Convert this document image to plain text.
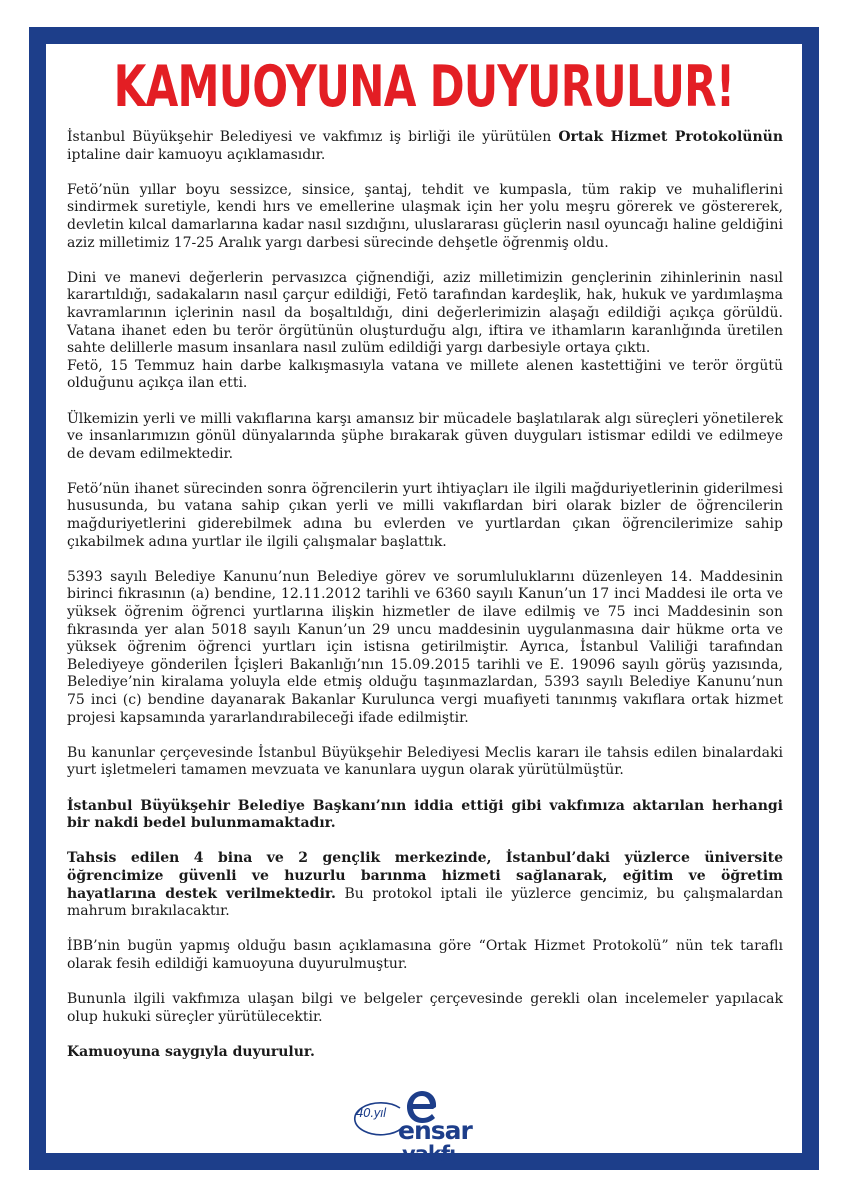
KAMUOYUNA DUYURULUR!

İstanbul Büyükşehir Belediyesi ve vakfımız iş birliği ile yürütülen Ortak Hizmet Protokolünün iptaline dair kamuoyu açıklamasıdır.

Fetö’nün yıllar boyu sessizce, sinsice, şantaj, tehdit ve kumpasla, tüm rakip ve muhaliflerini sindirmek suretiyle, kendi hırs ve emellerine ulaşmak için her yolu meşru görerek ve göstererek, devletin kılcal damarlarına kadar nasıl sızdığını, uluslararası güçlerin nasıl oyuncağı haline geldiğini aziz milletimiz 17-25 Aralık yargı darbesi sürecinde dehşetle öğrenmiş oldu.

Dini ve manevi değerlerin pervasızca çiğnendiği, aziz milletimizin gençlerinin zihinlerinin nasıl karartıldığı, sadakaların nasıl çarçur edildiği, Fetö tarafından kardeşlik, hak, hukuk ve yardımlaşma kavramlarının içlerinin nasıl da boşaltıldığı, dini değerlerimizin alaşağı edildiği açıkça görüldü. Vatana ihanet eden bu terör örgütünün oluşturduğu algı, iftira ve ithamların karanlığında üretilen sahte delillerle masum insanlara nasıl zulüm edildiği yargı darbesiyle ortaya çıktı.

Fetö, 15 Temmuz hain darbe kalkışmasıyla vatana ve millete alenen kastettiğini ve terör örgütü olduğunu açıkça ilan etti.

Ülkemizin yerli ve milli vakıflarına karşı amansız bir mücadele başlatılarak algı süreçleri yönetilerek ve insanlarımızın gönül dünyalarında şüphe bırakarak güven duyguları istismar edildi ve edilmeye de devam edilmektedir.

Fetö’nün ihanet sürecinden sonra öğrencilerin yurt ihtiyaçları ile ilgili mağduriyetlerinin giderilmesi hususunda, bu vatana sahip çıkan yerli ve milli vakıflardan biri olarak bizler de öğrencilerin mağduriyetlerini giderebilmek adına bu evlerden ve yurtlardan çıkan öğrencilerimize sahip çıkabilmek adına yurtlar ile ilgili çalışmalar başlattık.

5393 sayılı Belediye Kanunu’nun Belediye görev ve sorumluluklarını düzenleyen 14. Maddesinin birinci fıkrasının (a) bendine, 12.11.2012 tarihli ve 6360 sayılı Kanun’un 17 inci Maddesi ile orta ve yüksek öğrenim öğrenci yurtlarına ilişkin hizmetler de ilave edilmiş ve 75 inci Maddesinin son fıkrasında yer alan 5018 sayılı Kanun’un 29 uncu maddesinin uygulanmasına dair hükme orta ve yüksek öğrenim öğrenci yurtları için istisna getirilmiştir. Ayrıca, İstanbul Valiliği tarafından Belediyeye gönderilen İçişleri Bakanlığı’nın 15.09.2015 tarihli ve E. 19096 sayılı görüş yazısında, Belediye’nin kiralama yoluyla elde etmiş olduğu taşınmazlardan, 5393 sayılı Belediye Kanunu’nun 75 inci (c) bendine dayanarak Bakanlar Kurulunca vergi muafiyeti tanınmış vakıflara ortak hizmet projesi kapsamında yararlandırabileceği ifade edilmiştir.

Bu kanunlar çerçevesinde İstanbul Büyükşehir Belediyesi Meclis kararı ile tahsis edilen binalardaki yurt işletmeleri tamamen mevzuata ve kanunlara uygun olarak yürütülmüştür.

İstanbul Büyükşehir Belediye Başkanı’nın iddia ettiği gibi vakfımıza aktarılan herhangi bir nakdi bedel bulunmamaktadır.

Tahsis edilen 4 bina ve 2 gençlik merkezinde, İstanbul’daki yüzlerce üniversite öğrencimize güvenli ve huzurlu barınma hizmeti sağlanarak, eğitim ve öğretim hayatlarına destek verilmektedir. Bu protokol iptali ile yüzlerce gencimiz, bu çalışmalardan mahrum bırakılacaktır.

İBB’nin bugün yapmış olduğu basın açıklamasına göre “Ortak Hizmet Protokolü” nün tek taraflı olarak fesih edildiği kamuoyuna duyurulmuştur.

Bununla ilgili vakfımıza ulaşan bilgi ve belgeler çerçevesinde gerekli olan incelemeler yapılacak olup hukuki süreçler yürütülecektir.

Kamuoyuna saygıyla duyurulur.

40.yıl
ensar
vakfı
